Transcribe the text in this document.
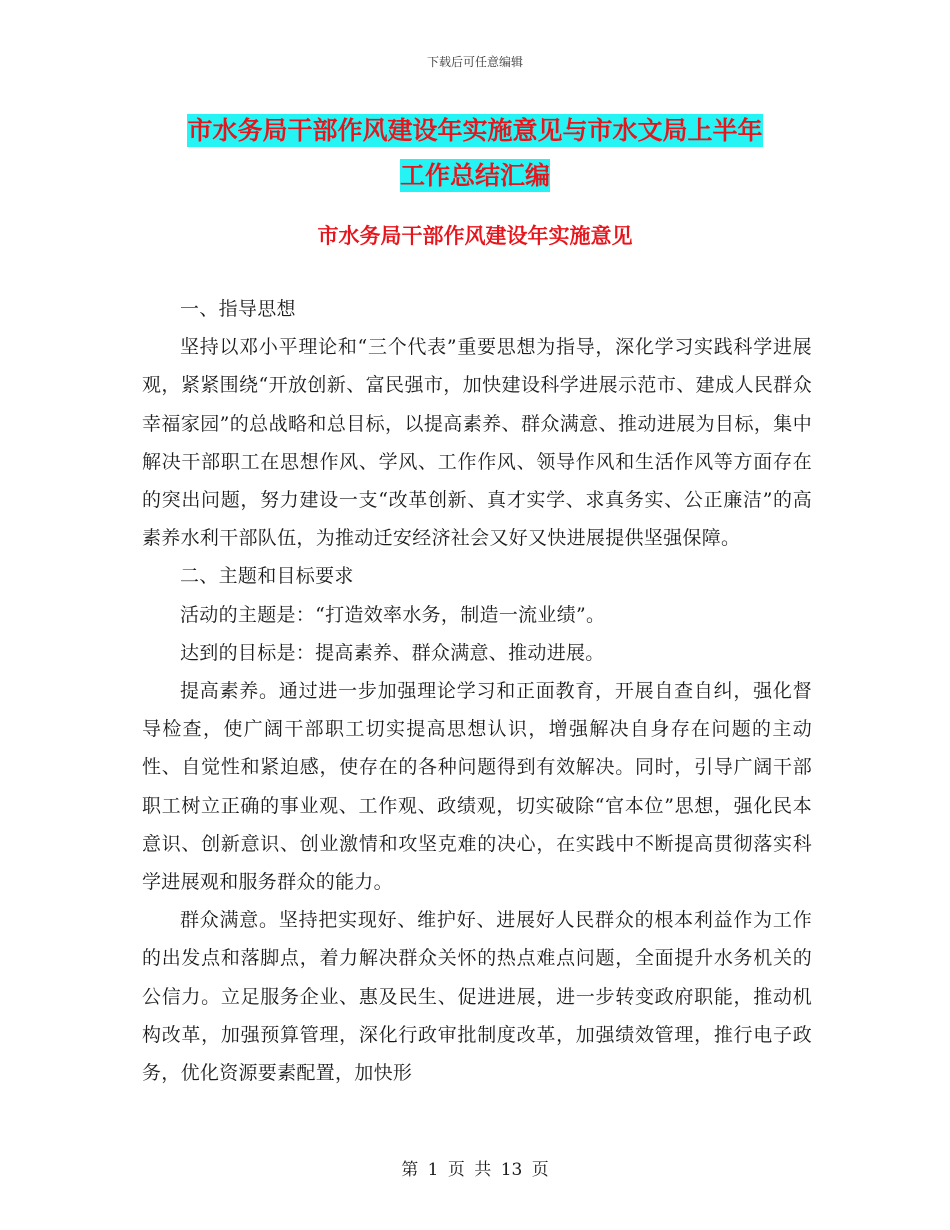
下载后可任意编辑
市水务局干部作风建设年实施意见与市水文局上半年
工作总结汇编
市水务局干部作风建设年实施意见

一、指导思想

坚持以邓小平理论和“三个代表”重要思想为指导，深化学习实践科学进展观，紧紧围绕“开放创新、富民强市，加快建设科学进展示范市、建成人民群众幸福家园”的总战略和总目标，以提高素养、群众满意、推动进展为目标，集中解决干部职工在思想作风、学风、工作作风、领导作风和生活作风等方面存在的突出问题，努力建设一支“改革创新、真才实学、求真务实、公正廉洁”的高素养水利干部队伍，为推动迁安经济社会又好又快进展提供坚强保障。

二、主题和目标要求

活动的主题是：“打造效率水务，制造一流业绩”。

达到的目标是：提高素养、群众满意、推动进展。

提高素养。通过进一步加强理论学习和正面教育，开展自查自纠，强化督导检查，使广阔干部职工切实提高思想认识，增强解决自身存在问题的主动性、自觉性和紧迫感，使存在的各种问题得到有效解决。同时，引导广阔干部职工树立正确的事业观、工作观、政绩观，切实破除“官本位”思想，强化民本意识、创新意识、创业激情和攻坚克难的决心，在实践中不断提高贯彻落实科学进展观和服务群众的能力。

群众满意。坚持把实现好、维护好、进展好人民群众的根本利益作为工作的出发点和落脚点，着力解决群众关怀的热点难点问题，全面提升水务机关的公信力。立足服务企业、惠及民生、促进进展，进一步转变政府职能，推动机构改革，加强预算管理，深化行政审批制度改革，加强绩效管理，推行电子政务，优化资源要素配置，加快形

第 1 页 共 13 页
